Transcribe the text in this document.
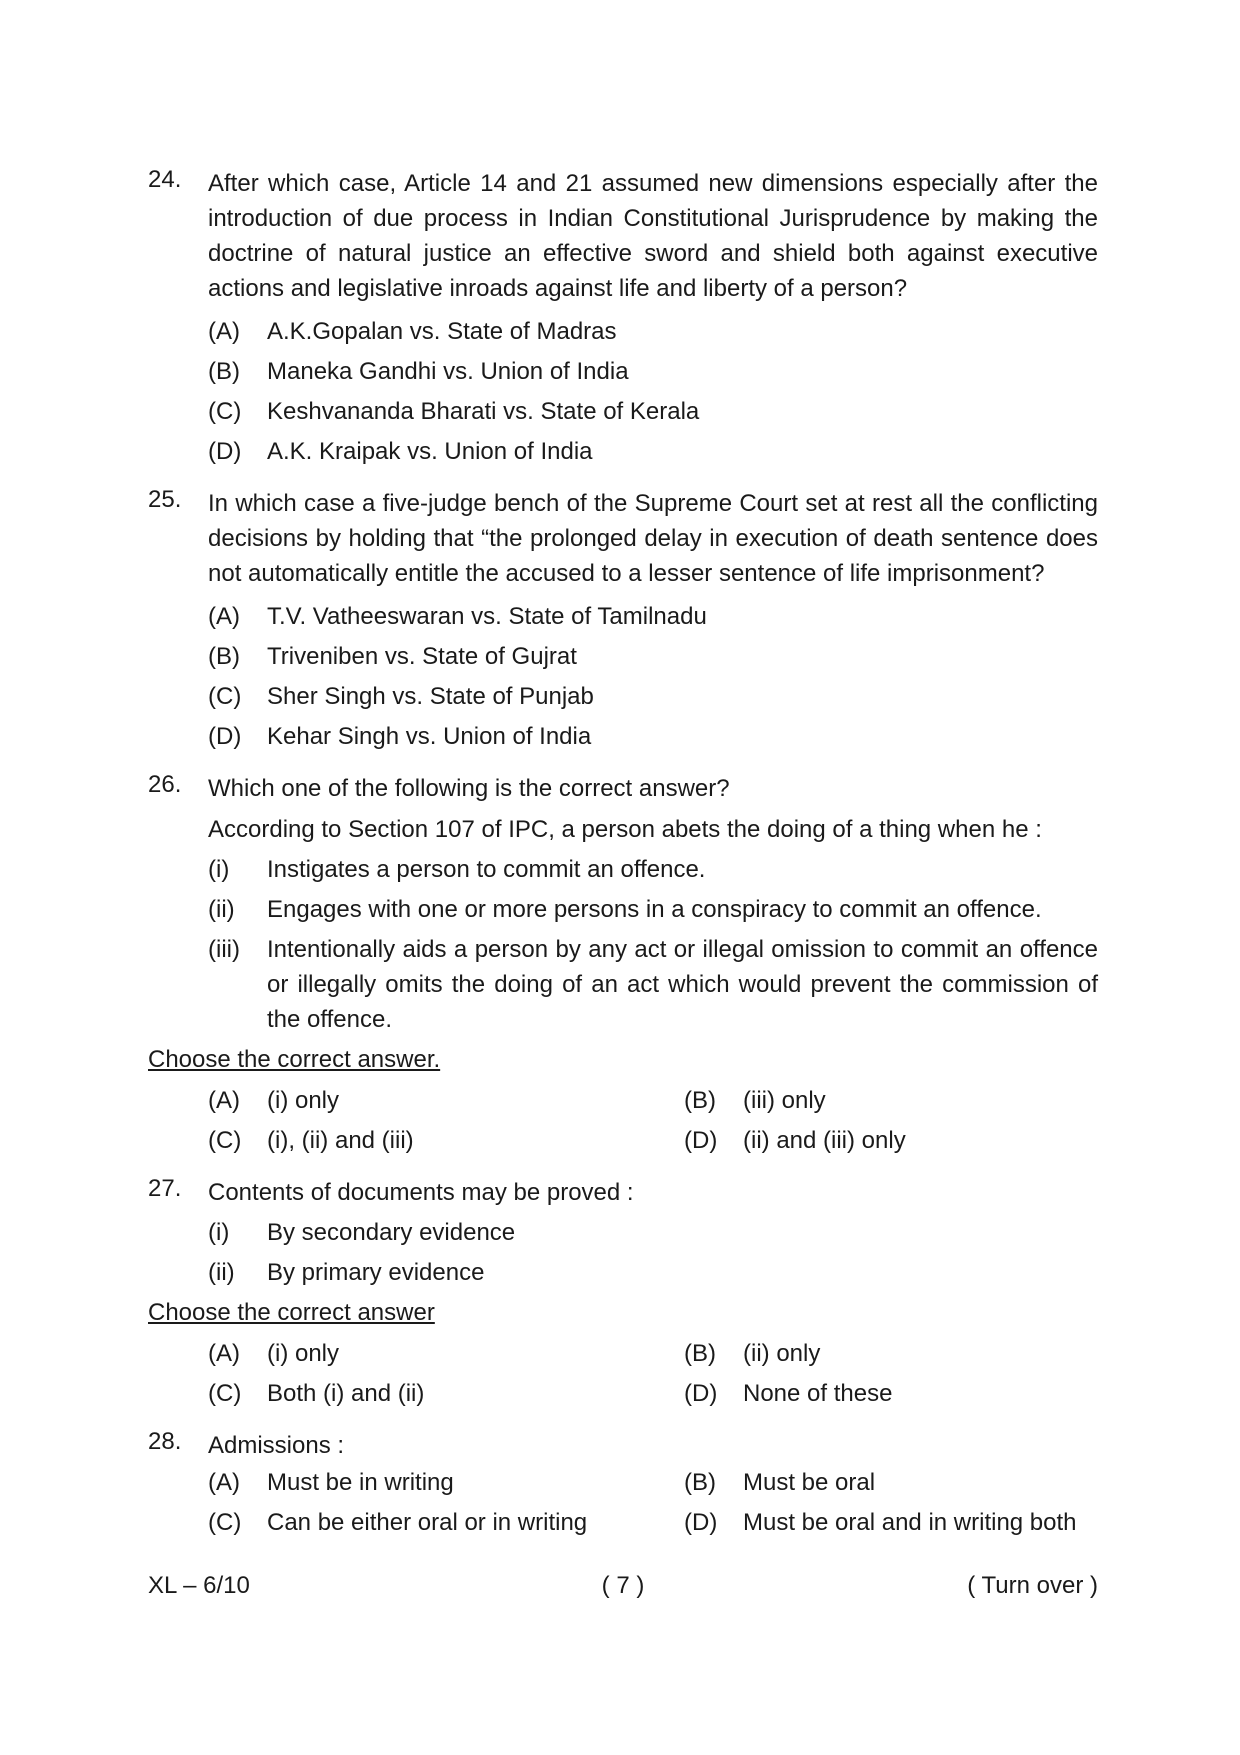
24. After which case, Article 14 and 21 assumed new dimensions especially after the introduction of due process in Indian Constitutional Jurisprudence by making the doctrine of natural justice an effective sword and shield both against executive actions and legislative inroads against life and liberty of a person?
(A) A.K.Gopalan vs. State of Madras
(B) Maneka Gandhi vs. Union of India
(C) Keshvananda Bharati vs. State of Kerala
(D) A.K. Kraipak vs. Union of India
25. In which case a five-judge bench of the Supreme Court set at rest all the conflicting decisions by holding that “the prolonged delay in execution of death sentence does not automatically entitle the accused to a lesser sentence of life imprisonment?
(A) T.V. Vatheeswaran vs. State of Tamilnadu
(B) Triveniben vs. State of Gujrat
(C) Sher Singh vs. State of Punjab
(D) Kehar Singh vs. Union of India
26. Which one of the following is the correct answer?
According to Section 107 of IPC, a person abets the doing of a thing when he :
(i) Instigates a person to commit an offence.
(ii) Engages with one or more persons in a conspiracy to commit an offence.
(iii) Intentionally aids a person by any act or illegal omission to commit an offence or illegally omits the doing of an act which would prevent the commission of the offence.
Choose the correct answer.
(A) (i) only	(B) (iii) only
(C) (i), (ii) and (iii)	(D) (ii) and (iii) only
27. Contents of documents may be proved :
(i) By secondary evidence
(ii) By primary evidence
Choose the correct answer
(A) (i) only	(B) (ii) only
(C) Both (i) and (ii)	(D) None of these
28. Admissions :
(A) Must be in writing	(B) Must be oral
(C) Can be either oral or in writing	(D) Must be oral and in writing both
XL – 6/10	( 7 )	( Turn over )
